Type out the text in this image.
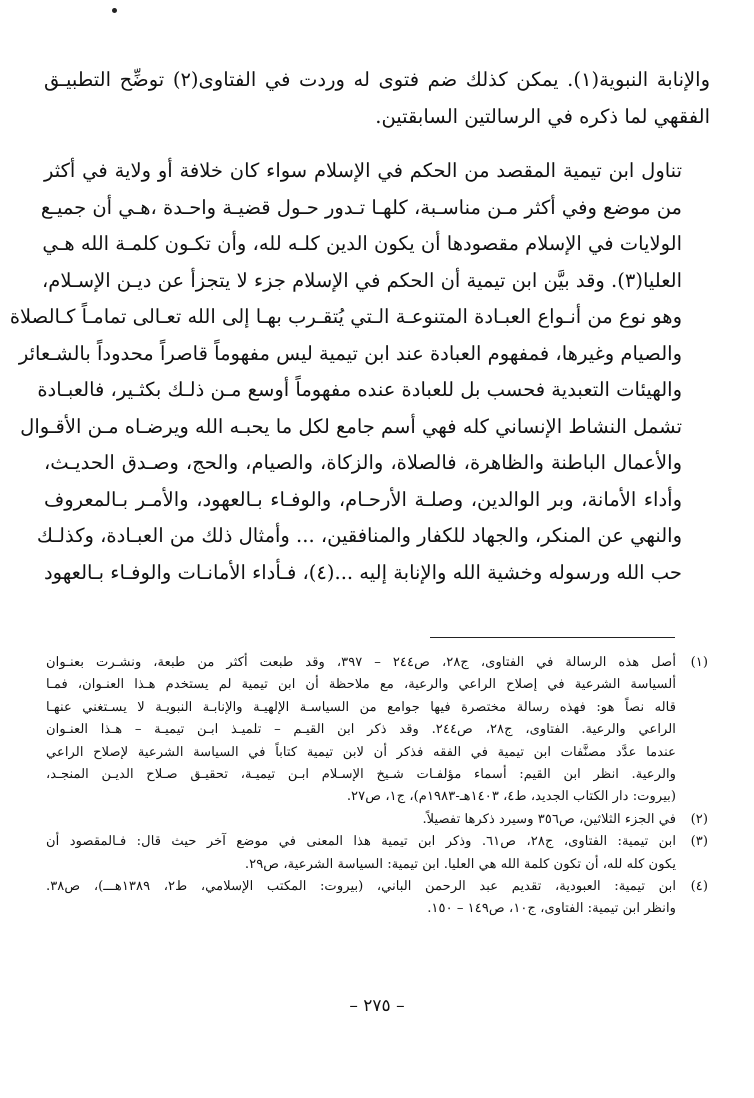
والإنابة النبوية(١). يمكن كذلك ضم فتوى له وردت في الفتاوى(٢) توضِّح التطبيـق
الفقهي لما ذكره في الرسالتين السابقتين.

تناول ابن تيمية المقصد من الحكم في الإسلام سواء كان خلافة أو ولاية في أكثر
من موضع وفي أكثر مـن مناسـبة، كلهـا تـدور حـول قضيـة واحـدة ،هـي أن جميـع
الولايات في الإسلام مقصودها أن يكون الدين كلـه لله، وأن تكـون كلمـة الله هـي
العليا(٣). وقد بيَّن ابن تيمية أن الحكم في الإسلام جزء لا يتجزأ عن ديـن الإسـلام،
وهو نوع من أنـواع العبـادة المتنوعـة الـتي يُتقـرب بهـا إلى الله تعـالى تمامـاً كـالصلاة
والصيام وغيرها، فمفهوم العبادة عند ابن تيمية ليس مفهوماً قاصراً محدوداً بالشـعائر
والهيئات التعبدية فحسب بل للعبادة عنده مفهوماً أوسع مـن ذلـك بكثـير، فالعبـادة
تشمل النشاط الإنساني كله فهي أسم جامع لكل ما يحبـه الله ويرضـاه مـن الأقـوال
والأعمال الباطنة والظاهرة، فالصلاة، والزكاة، والصيام، والحج، وصـدق الحديـث،
وأداء الأمانة، وبر الوالدين، وصلـة الأرحـام، والوفـاء بـالعهود، والأمـر بـالمعروف
والنهي عن المنكر، والجهاد للكفار والمنافقين، ... وأمثال ذلك من العبـادة، وكذلـك
حب الله ورسوله وخشية الله والإنابة إليه ...(٤)، فـأداء الأمانـات والوفـاء بـالعهود

(١)
أصل هذه الرسالة في الفتاوى، ج٢٨، ص٢٤٤ – ٣٩٧، وقد طبعت أكثر من طبعة، ونشـرت بعنـوان
ألسياسة الشرعية في إصلاح الراعي والرعية، مع ملاحظة أن ابن تيمية لم يستخدم هـذا العنـوان، فمـا
قاله نصاً هو: فهذه رسالة مختصرة فيها جوامع من السياسـة الإلهيـة والإنابـة النبويـة لا يسـتغني عنهـا
الراعي والرعية. الفتاوى، ج٢٨، ص٢٤٤. وقد ذكر ابن القيـم – تلميـذ ابـن تيميـة – هـذا العنـوان
عندما عدَّد مصنَّفات ابن تيمية في الفقه فذكر أن لابن تيمية كتاباً في السياسة الشرعية لإصلاح الراعي
والرعية. انظر ابن القيم: أسماء مؤلفـات شـيخ الإسـلام ابـن تيميـة، تحقيـق صـلاح الديـن المنجـد،
(بيروت: دار الكتاب الجديد، ط٤، ١٤٠٣هـ-١٩٨٣م)، ج١، ص٢٧.
(٢)
في الجزء الثلاثين، ص٣٥٦ وسيرد ذكرها تفصيلاً.
(٣)
ابن تيمية: الفتاوى، ج٢٨، ص٦١. وذكر ابن تيمية هذا المعنى في موضع آخر حيث قال: فـالمقصود أن
يكون كله لله، أن تكون كلمة الله هي العليا. ابن تيمية: السياسة الشرعية، ص٢٩.
(٤)
ابن تيمية: العبودية، تقديم عبد الرحمن الباني، (بيروت: المكتب الإسلامي، ط٢، ١٣٨٩هـــ)، ص٣٨.
وانظر ابن تيمية: الفتاوى، ج١٠، ص١٤٩ – ١٥٠.
– ٢٧٥ –
